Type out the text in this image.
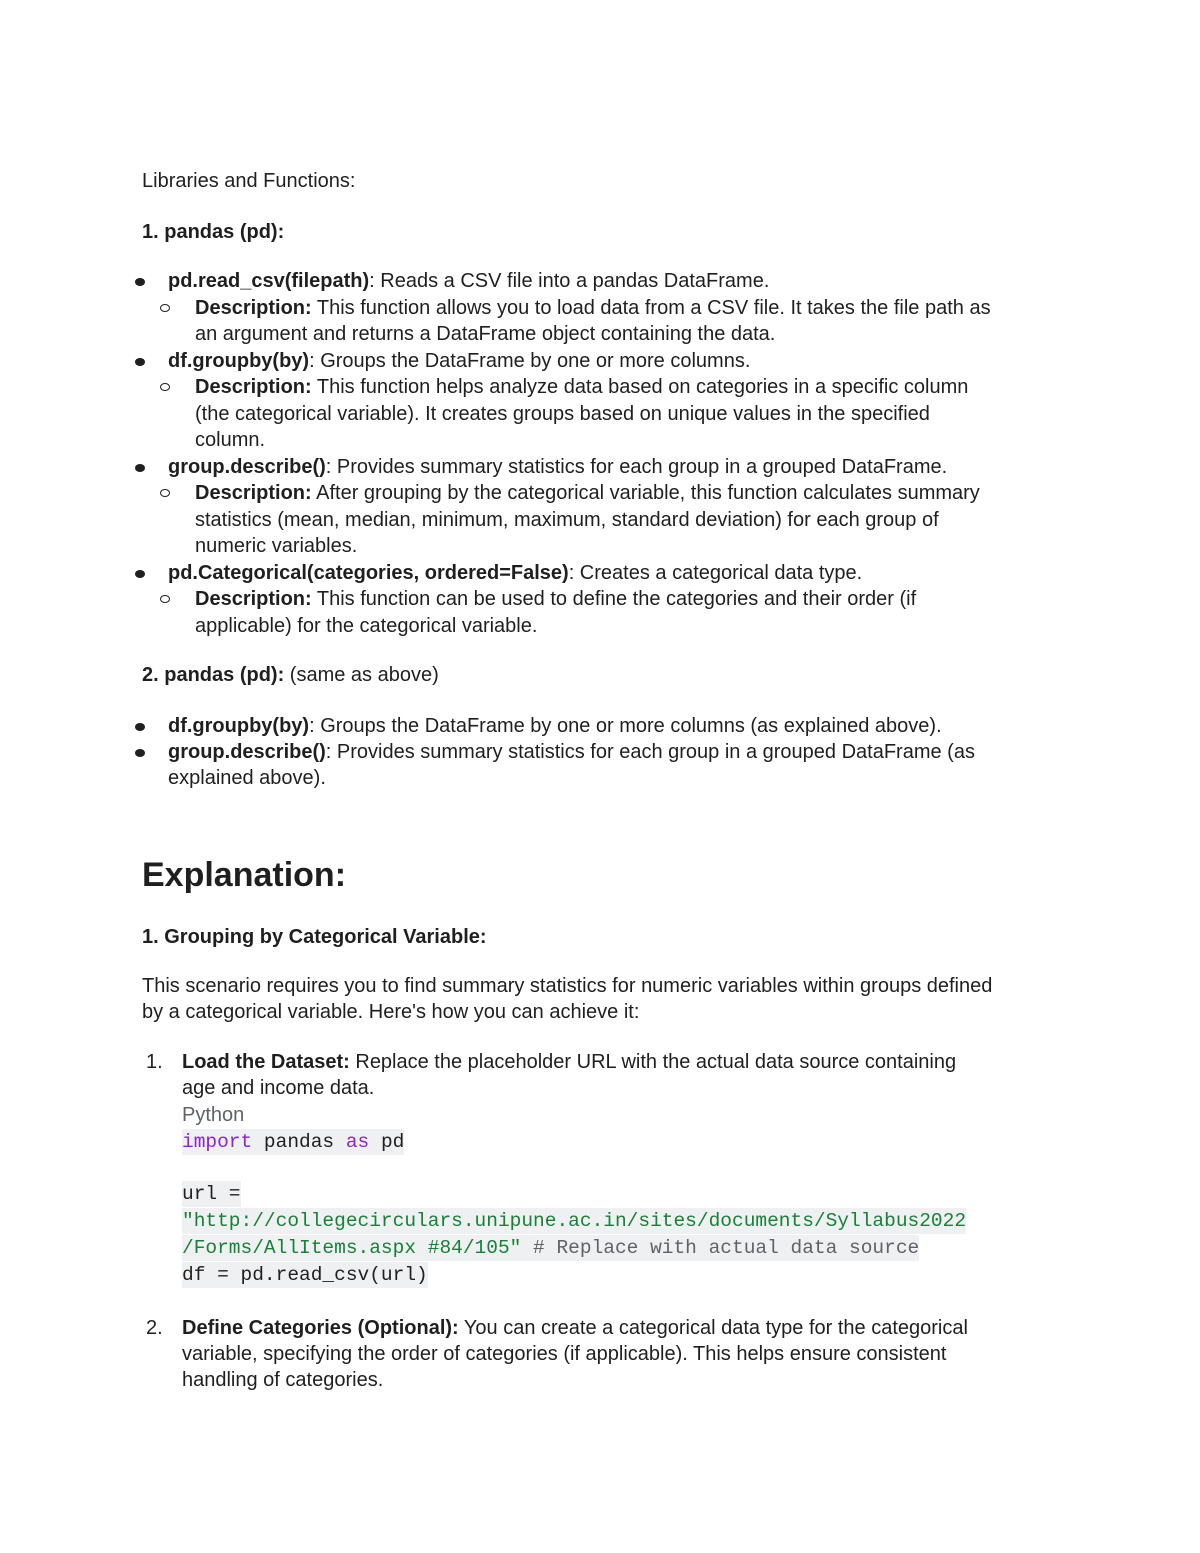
Libraries and Functions:
1. pandas (pd):
pd.read_csv(filepath): Reads a CSV file into a pandas DataFrame.
Description: This function allows you to load data from a CSV file. It takes the file path as
an argument and returns a DataFrame object containing the data.
df.groupby(by): Groups the DataFrame by one or more columns.
Description: This function helps analyze data based on categories in a specific column
(the categorical variable). It creates groups based on unique values in the specified
column.
group.describe(): Provides summary statistics for each group in a grouped DataFrame.
Description: After grouping by the categorical variable, this function calculates summary
statistics (mean, median, minimum, maximum, standard deviation) for each group of
numeric variables.
pd.Categorical(categories, ordered=False): Creates a categorical data type.
Description: This function can be used to define the categories and their order (if
applicable) for the categorical variable.
2. pandas (pd): (same as above)
df.groupby(by): Groups the DataFrame by one or more columns (as explained above).
group.describe(): Provides summary statistics for each group in a grouped DataFrame (as
explained above).
Explanation:
1. Grouping by Categorical Variable:
This scenario requires you to find summary statistics for numeric variables within groups defined
by a categorical variable. Here's how you can achieve it:
1. Load the Dataset: Replace the placeholder URL with the actual data source containing
age and income data.
Python
import pandas as pd
url =
"http://collegecirculars.unipune.ac.in/sites/documents/Syllabus2022
/Forms/AllItems.aspx #84/105" # Replace with actual data source
df = pd.read_csv(url)
2. Define Categories (Optional): You can create a categorical data type for the categorical
variable, specifying the order of categories (if applicable). This helps ensure consistent
handling of categories.
